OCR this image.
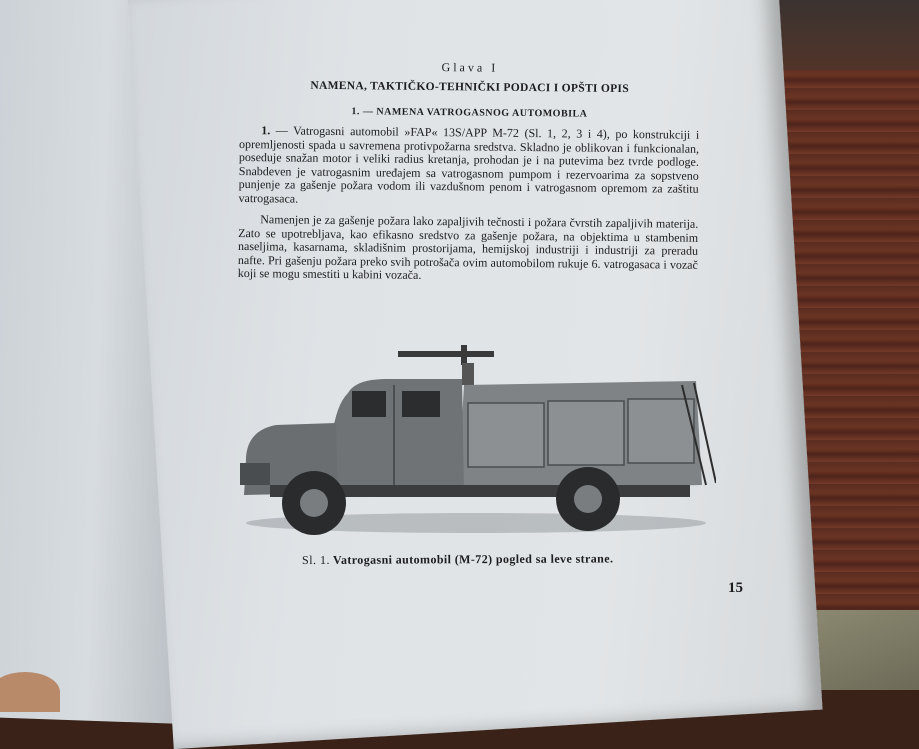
Glava I
NAMENA, TAKTIČKO-TEHNIČKI PODACI I OPŠTI OPIS
1. — NAMENA VATROGASNOG AUTOMOBILA

1. — Vatrogasni automobil »FAP« 13S/APP M-72 (Sl. 1, 2, 3 i 4), po konstrukciji i opremljenosti spada u savremena protivpožarna sredstva. Skladno je oblikovan i funkcionalan, poseduje snažan motor i veliki radius kretanja, prohodan je i na putevima bez tvrde podloge. Snabdeven je vatrogasnim uređajem sa vatrogasnom pumpom i rezervoarima za sopstveno punjenje za gašenje požara vodom ili vazdušnom penom i vatrogasnom opremom za zaštitu vatrogasaca.

Namenjen je za gašenje požara lako zapaljivih tečnosti i požara čvrstih zapaljivih materija. Zato se upotrebljava, kao efikasno sredstvo za gašenje požara, na objektima u stambenim naseljima, kasarnama, skladišnim prostorijama, hemijskoj industriji i industriji za preradu nafte. Pri gašenju požara preko svih potrošača ovim automobilom rukuje 6. vatrogasaca i vozač koji se mogu smestiti u kabini vozača.

Sl. 1. Vatrogasni automobil (M-72) pogled sa leve strane.
15
